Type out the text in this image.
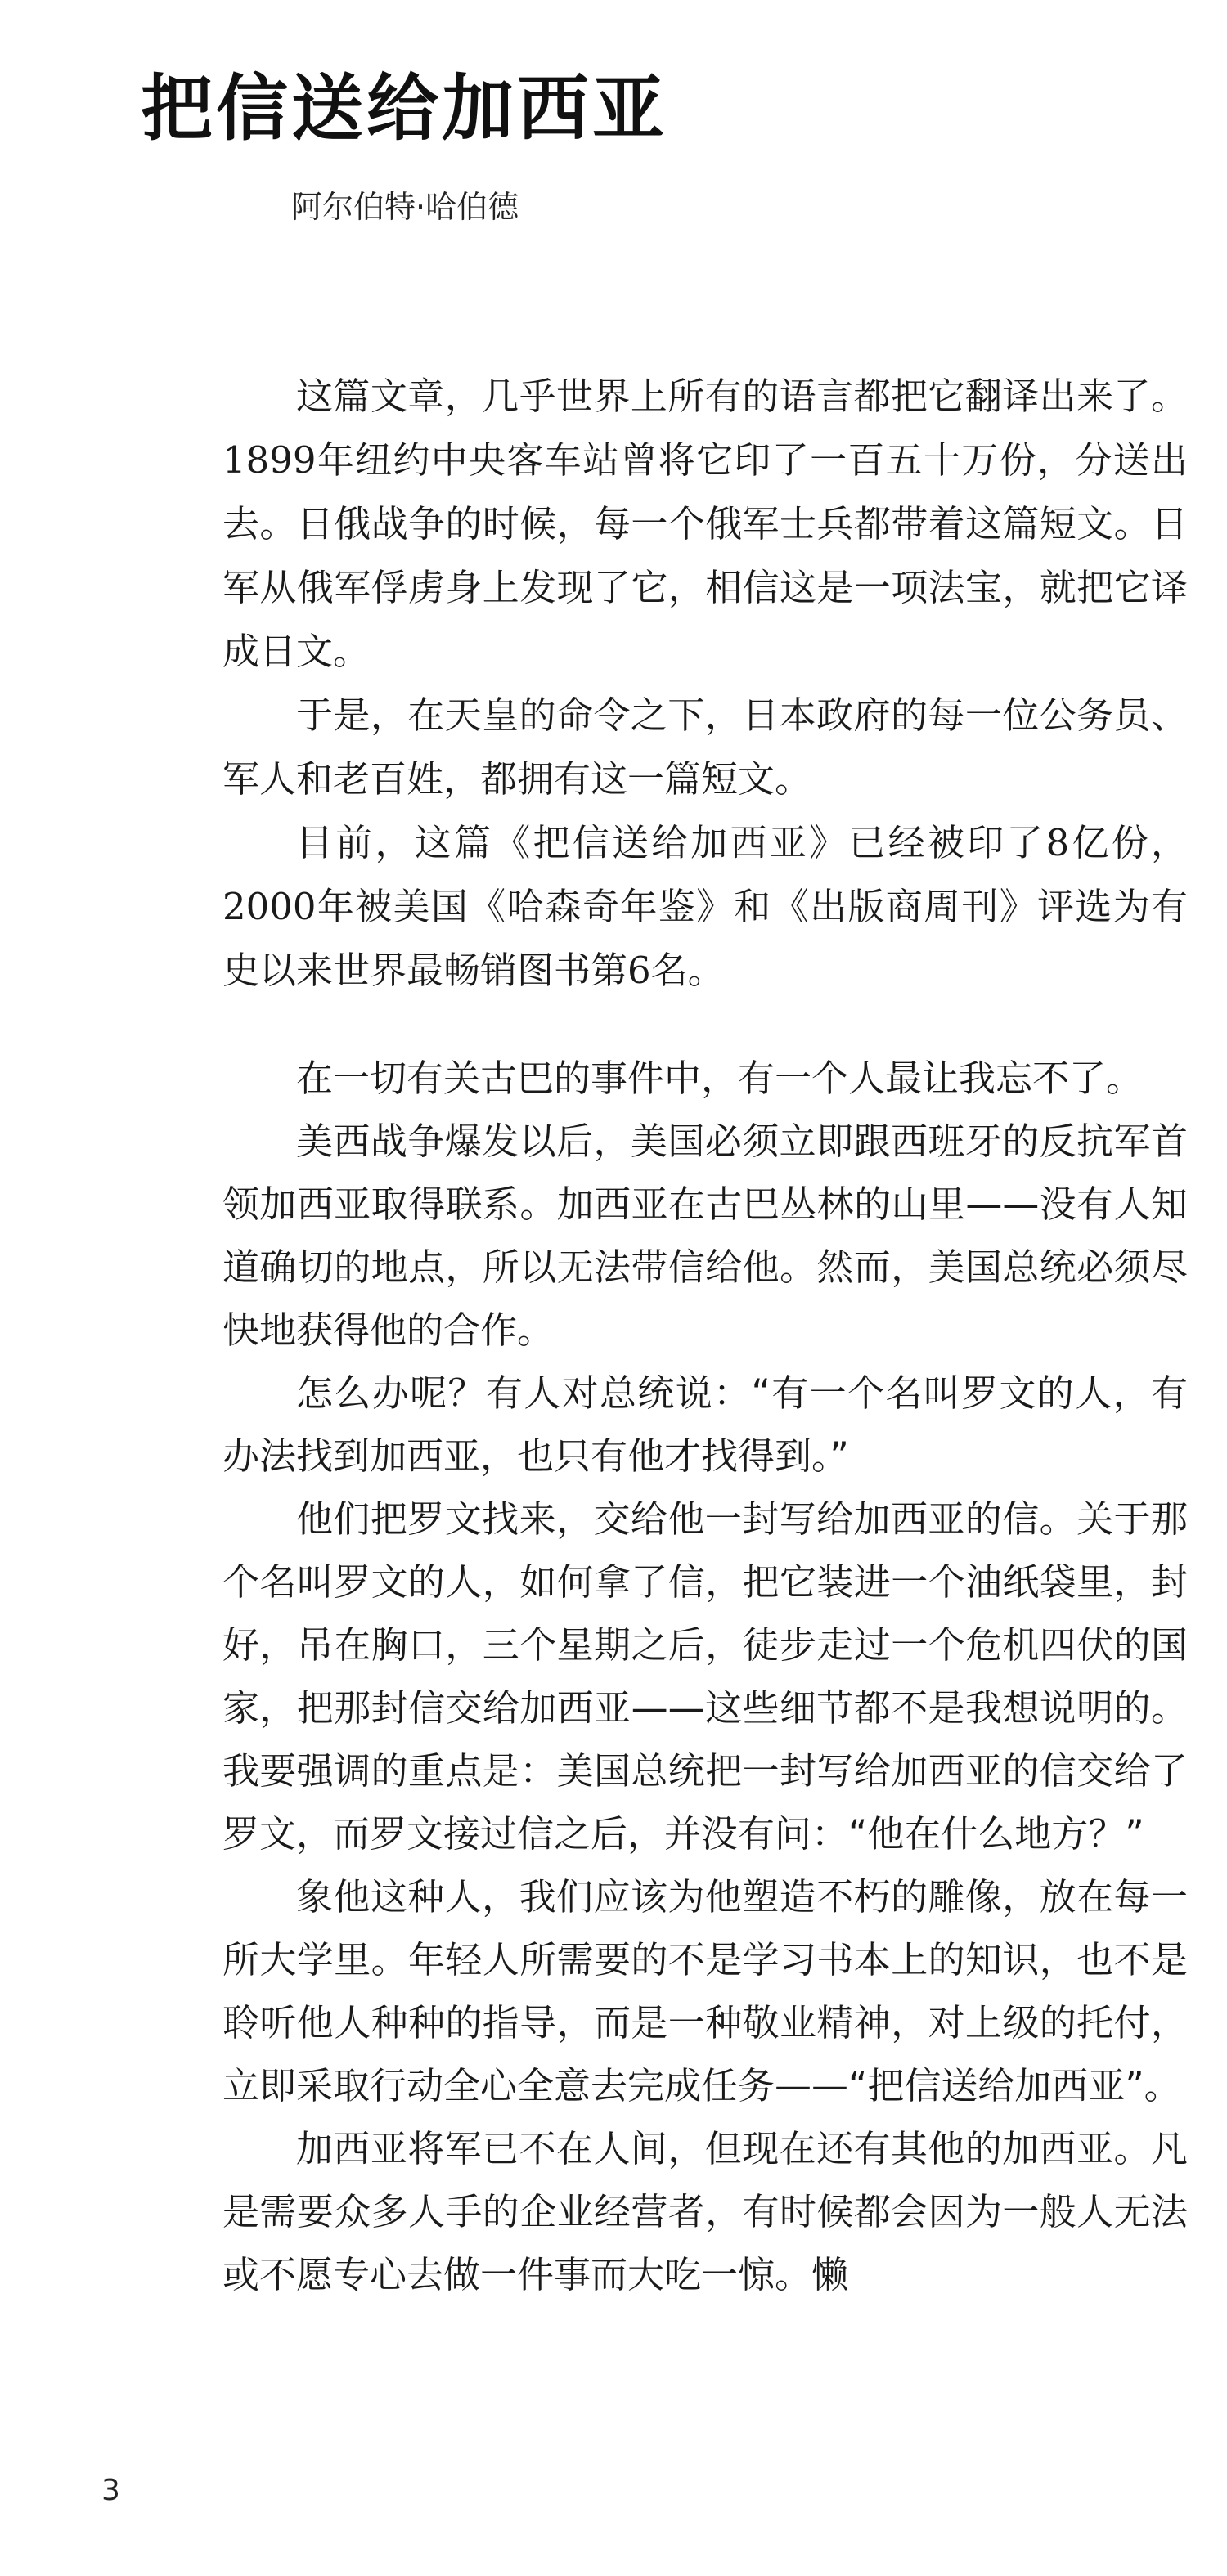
把信送给加西亚
阿尔伯特·哈伯德

这篇文章，几乎世界上所有的语言都把它翻译出来了。1899年纽约中央客车站曾将它印了一百五十万份，分送出去。日俄战争的时候，每一个俄军士兵都带着这篇短文。日军从俄军俘虏身上发现了它，相信这是一项法宝，就把它译成日文。

于是，在天皇的命令之下，日本政府的每一位公务员、军人和老百姓，都拥有这一篇短文。

目前，这篇《把信送给加西亚》已经被印了8亿份，2000年被美国《哈森奇年鉴》和《出版商周刊》评选为有史以来世界最畅销图书第6名。

在一切有关古巴的事件中，有一个人最让我忘不了。

美西战争爆发以后，美国必须立即跟西班牙的反抗军首领加西亚取得联系。加西亚在古巴丛林的山里——没有人知道确切的地点，所以无法带信给他。然而，美国总统必须尽快地获得他的合作。

怎么办呢？有人对总统说：“有一个名叫罗文的人，有办法找到加西亚，也只有他才找得到。”

他们把罗文找来，交给他一封写给加西亚的信。关于那个名叫罗文的人，如何拿了信，把它装进一个油纸袋里，封好，吊在胸口，三个星期之后，徒步走过一个危机四伏的国家，把那封信交给加西亚——这些细节都不是我想说明的。我要强调的重点是：美国总统把一封写给加西亚的信交给了罗文，而罗文接过信之后，并没有问：“他在什么地方？”

象他这种人，我们应该为他塑造不朽的雕像，放在每一所大学里。年轻人所需要的不是学习书本上的知识，也不是聆听他人种种的指导，而是一种敬业精神，对上级的托付，立即采取行动全心全意去完成任务——“把信送给加西亚”。

加西亚将军已不在人间，但现在还有其他的加西亚。凡是需要众多人手的企业经营者，有时候都会因为一般人无法或不愿专心去做一件事而大吃一惊。懒

3
